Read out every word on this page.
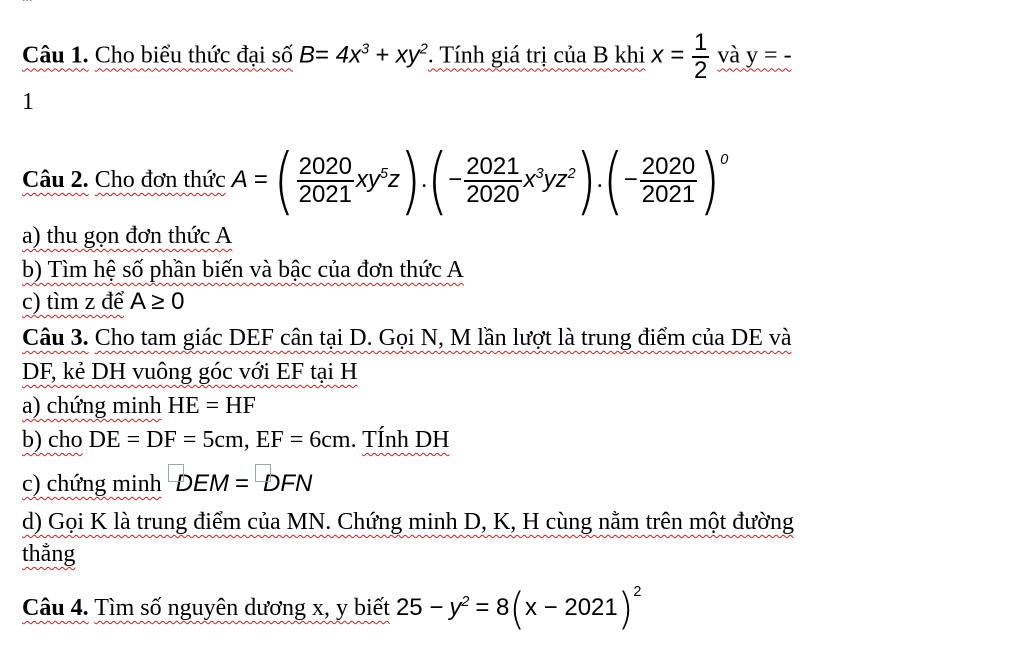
Câu 1. Cho biểu thức đại số $B= 4x^3 + xy^2$. Tính giá trị của B khi $x = \frac{1}{2}$ và y = -
1
Câu 2. Cho đơn thức A = ( $\frac{2020}{2021} xy^5z).(- \frac{2021}{2020} x^3yz^2).(- \frac{2020}{2021} )^0$
a) thu gọn đơn thức A
b) Tìm hệ số phần biến và bậc của đơn thức A
c) tìm z để A ≥ 0
Câu 3. Cho tam giác DEF cân tại D. Gọi N, M lần lượt là trung điểm của DE và
DF, kẻ DH vuông góc với EF tại H
a) chứng minh HE = HF
b) cho DE = DF = 5cm, EF = 6cm. TÍnh DH
c) chứng minh DEM = DFN
d) Gọi K là trung điểm của MN. Chứng minh D, K, H cùng nằm trên một đường
thẳng
Câu 4. Tìm số nguyên dương x, y biết $25 - y^2 = 8(x - 2021)^2$
